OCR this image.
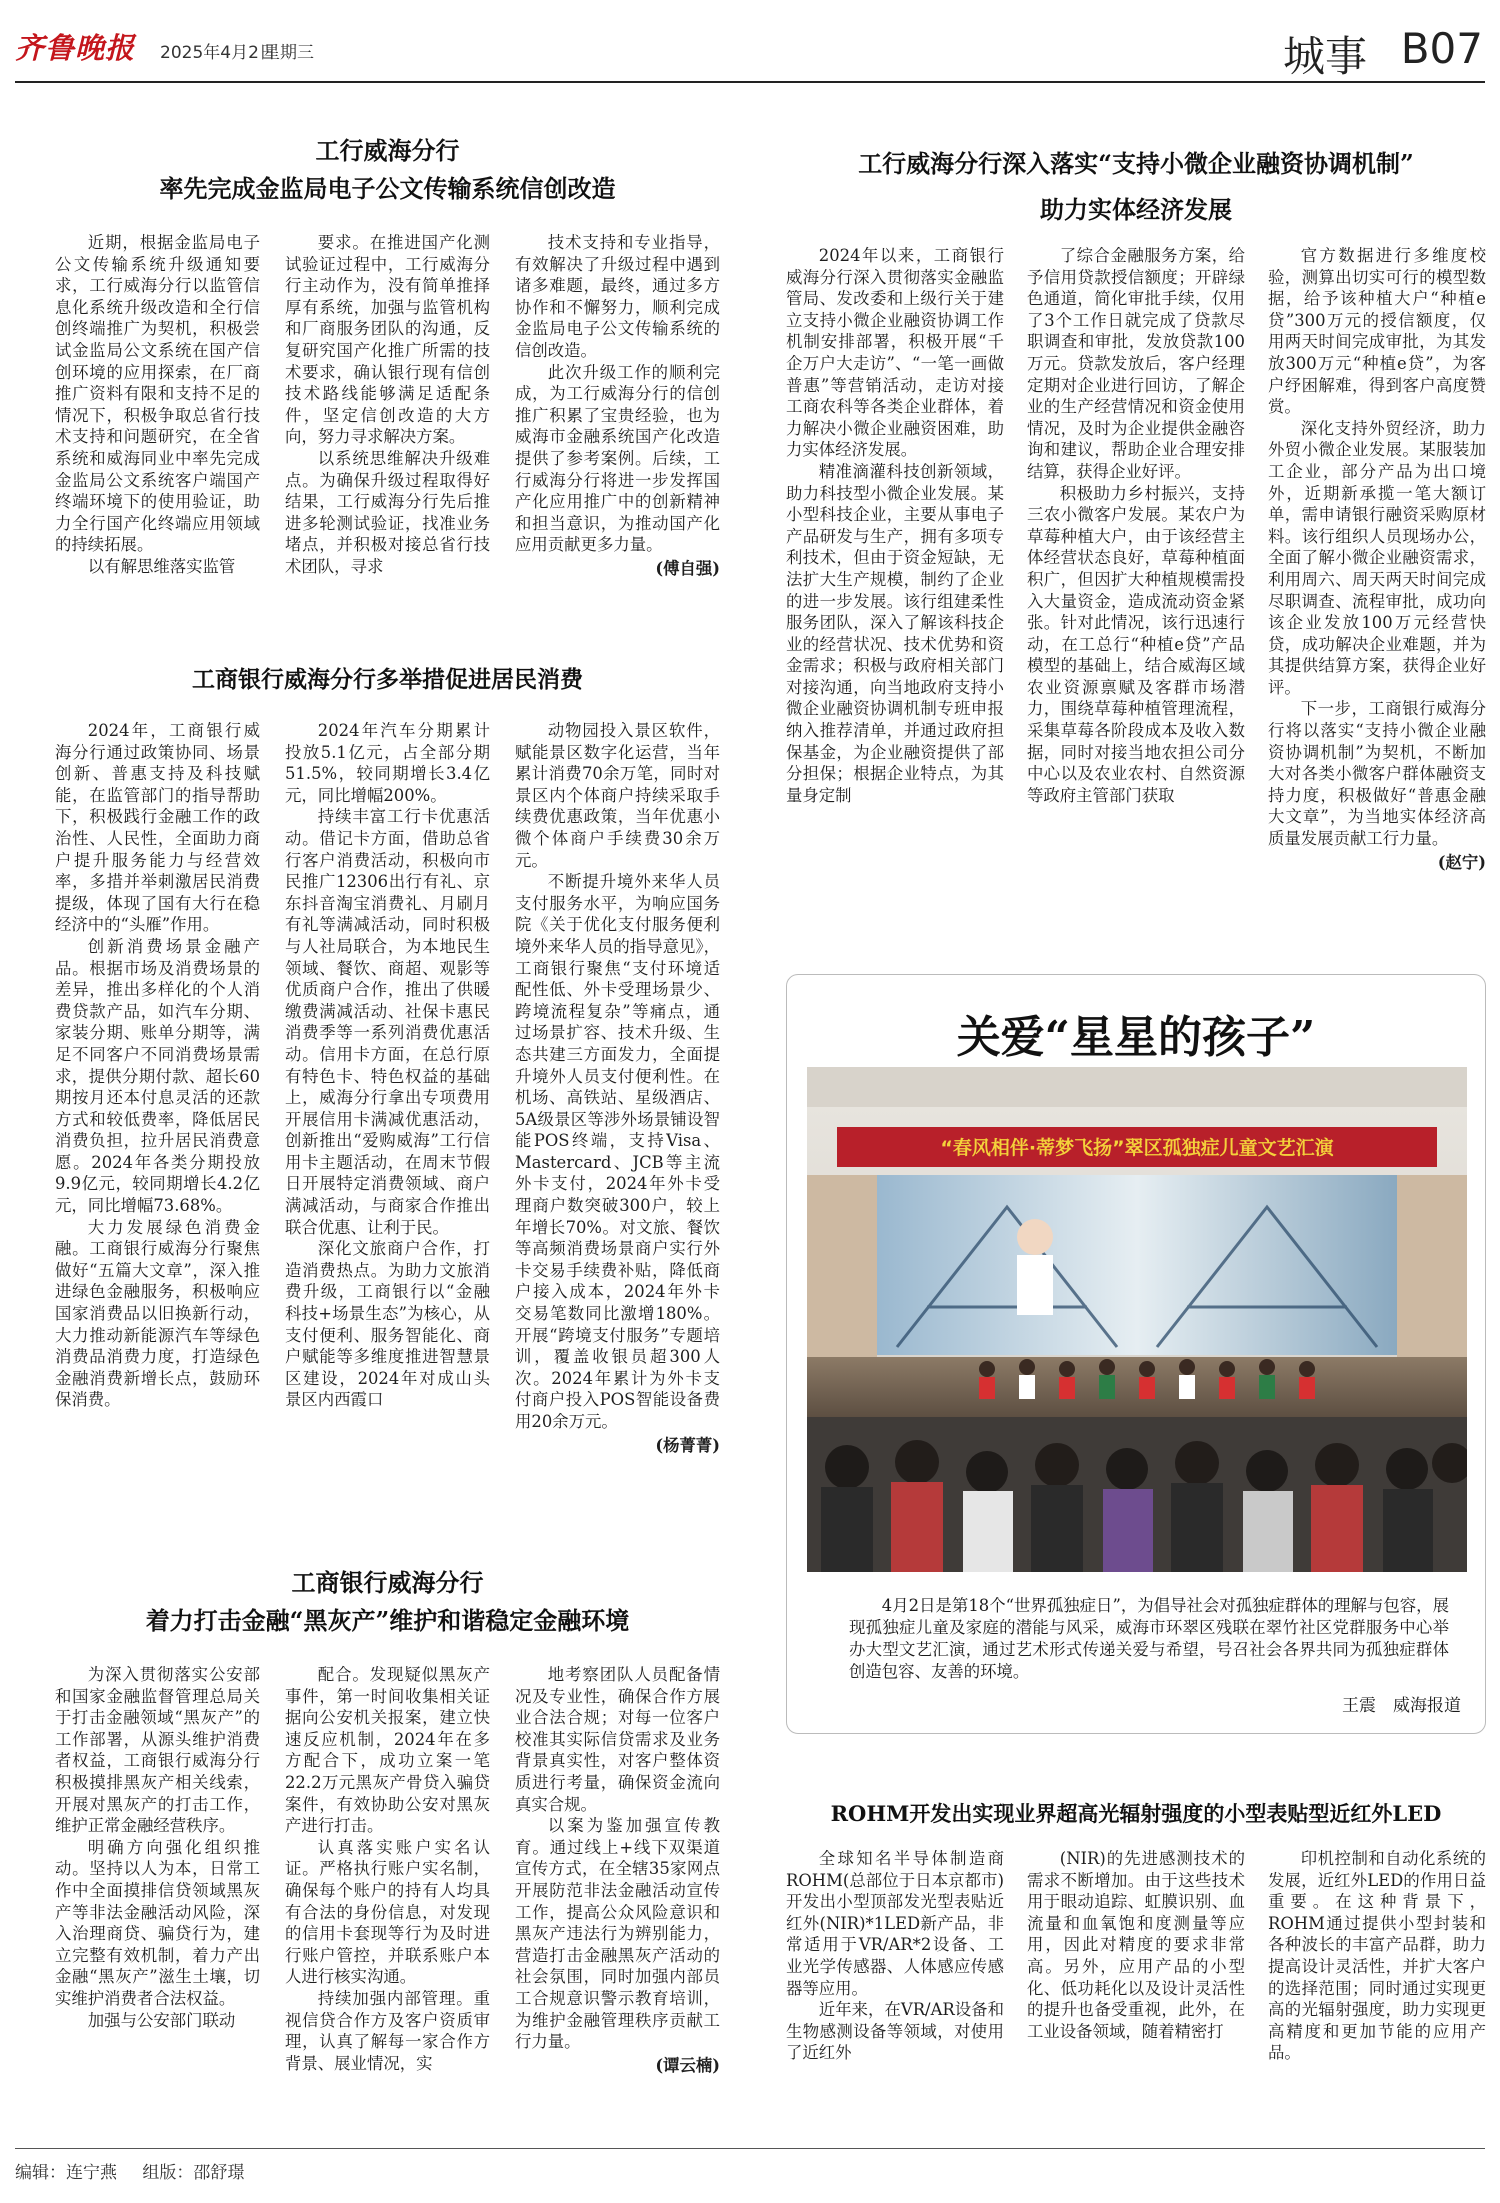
齐鲁晚报 2025年4月2日
星期三	城事 B07
工行威海分行
率先完成金监局电子公文传输系统信创改造

近期，根据金监局电子公文传输系统升级通知要求，工行威海分行以监管信息化系统升级改造和全行信创终端推广为契机，积极尝试金监局公文系统在国产信创环境的应用探索，在厂商推广资料有限和支持不足的情况下，积极争取总省行技术支持和问题研究，在全省系统和威海同业中率先完成金监局公文系统客户端国产终端环境下的使用验证，助力全行国产化终端应用领域的持续拓展。

以有解思维落实监管

要求。在推进国产化测试验证过程中，工行威海分行主动作为，没有简单推择厚有系统，加强与监管机构和厂商服务团队的沟通，反复研究国产化推广所需的技术要求，确认银行现有信创技术路线能够满足适配条件，坚定信创改造的大方向，努力寻求解决方案。

以系统思维解决升级难点。为确保升级过程取得好结果，工行威海分行先后推进多轮测试验证，找准业务堵点，并积极对接总省行技术团队，寻求

技术支持和专业指导，有效解决了升级过程中遇到诸多难题，最终，通过多方协作和不懈努力，顺利完成金监局电子公文传输系统的信创改造。

此次升级工作的顺利完成，为工行威海分行的信创推广积累了宝贵经验，也为威海市金融系统国产化改造提供了参考案例。后续，工行威海分行将进一步发挥国产化应用推广中的创新精神和担当意识，为推动国产化应用贡献更多力量。

(傅自强)
工商银行威海分行多举措促进居民消费

2024年，工商银行威海分行通过政策协同、场景创新、普惠支持及科技赋能，在监管部门的指导帮助下，积极践行金融工作的政治性、人民性，全面助力商户提升服务能力与经营效率，多措并举刺激居民消费提级，体现了国有大行在稳经济中的“头雁”作用。

创新消费场景金融产品。根据市场及消费场景的差异，推出多样化的个人消费贷款产品，如汽车分期、家装分期、账单分期等，满足不同客户不同消费场景需求，提供分期付款、超长60期按月还本付息灵活的还款方式和较低费率，降低居民消费负担，拉升居民消费意愿。2024年各类分期投放9.9亿元，较同期增长4.2亿元，同比增幅73.68%。

大力发展绿色消费金融。工商银行威海分行聚焦做好“五篇大文章”，深入推进绿色金融服务，积极响应国家消费品以旧换新行动，大力推动新能源汽车等绿色消费品消费力度，打造绿色金融消费新增长点，鼓励环保消费。

2024年汽车分期累计投放5.1亿元，占全部分期51.5%，较同期增长3.4亿元，同比增幅200%。

持续丰富工行卡优惠活动。借记卡方面，借助总省行客户消费活动，积极向市民推广12306出行有礼、京东抖音淘宝消费礼、月刷月有礼等满减活动，同时积极与人社局联合，为本地民生领域、餐饮、商超、观影等优质商户合作，推出了供暖缴费满减活动、社保卡惠民消费季等一系列消费优惠活动。信用卡方面，在总行原有特色卡、特色权益的基础上，威海分行拿出专项费用开展信用卡满减优惠活动，创新推出“爱购威海”工行信用卡主题活动，在周末节假日开展特定消费领域、商户满减活动，与商家合作推出联合优惠、让利于民。

深化文旅商户合作，打造消费热点。为助力文旅消费升级，工商银行以“金融科技+场景生态”为核心，从支付便利、服务智能化、商户赋能等多维度推进智慧景区建设，2024年对成山头景区内西霞口

动物园投入景区软件，赋能景区数字化运营，当年累计消费70余万笔，同时对景区内个体商户持续采取手续费优惠政策，当年优惠小微个体商户手续费30余万元。

不断提升境外来华人员支付服务水平，为响应国务院《关于优化支付服务便利境外来华人员的指导意见》，工商银行聚焦“支付环境适配性低、外卡受理场景少、跨境流程复杂”等痛点，通过场景扩容、技术升级、生态共建三方面发力，全面提升境外人员支付便利性。在机场、高铁站、星级酒店、5A级景区等涉外场景铺设智能POS终端，支持Visa、Mastercard、JCB等主流外卡支付，2024年外卡受理商户数突破300户，较上年增长70%。对文旅、餐饮等高频消费场景商户实行外卡交易手续费补贴，降低商户接入成本，2024年外卡交易笔数同比激增180%。开展“跨境支付服务”专题培训，覆盖收银员超300人次。2024年累计为外卡支付商户投入POS智能设备费用20余万元。

(杨菁菁)
工商银行威海分行
着力打击金融“黑灰产”维护和谐稳定金融环境

为深入贯彻落实公安部和国家金融监督管理总局关于打击金融领域“黑灰产”的工作部署，从源头维护消费者权益，工商银行威海分行积极摸排黑灰产相关线索，开展对黑灰产的打击工作，维护正常金融经营秩序。

明确方向强化组织推动。坚持以人为本，日常工作中全面摸排信贷领域黑灰产等非法金融活动风险，深入治理商贷、骗贷行为，建立完整有效机制，着力产出金融“黑灰产”滋生土壤，切实维护消费者合法权益。

加强与公安部门联动

配合。发现疑似黑灰产事件，第一时间收集相关证据向公安机关报案，建立快速反应机制，2024年在多方配合下，成功立案一笔22.2万元黑灰产骨贷入骗贷案件，有效协助公安对黑灰产进行打击。

认真落实账户实名认证。严格执行账户实名制，确保每个账户的持有人均具有合法的身份信息，对发现的信用卡套现等行为及时进行账户管控，并联系账户本人进行核实沟通。

持续加强内部管理。重视信贷合作方及客户资质审理，认真了解每一家合作方背景、展业情况，实

地考察团队人员配备情况及专业性，确保合作方展业合法合规；对每一位客户校准其实际信贷需求及业务背景真实性，对客户整体资质进行考量，确保资金流向真实合规。

以案为鉴加强宣传教育。通过线上+线下双渠道宣传方式，在全辖35家网点开展防范非法金融活动宣传工作，提高公众风险意识和黑灰产违法行为辨别能力，营造打击金融黑灰产活动的社会氛围，同时加强内部员工合规意识警示教育培训，为维护金融管理秩序贡献工行力量。

(谭云楠)
工行威海分行深入落实“支持小微企业融资协调机制”
助力实体经济发展

2024年以来，工商银行威海分行深入贯彻落实金融监管局、发改委和上级行关于建立支持小微企业融资协调工作机制安排部署，积极开展“千企万户大走访”、“一笔一画做普惠”等营销活动，走访对接工商农科等各类企业群体，着力解决小微企业融资困难，助力实体经济发展。

精准滴灌科技创新领域，助力科技型小微企业发展。某小型科技企业，主要从事电子产品研发与生产，拥有多项专利技术，但由于资金短缺，无法扩大生产规模，制约了企业的进一步发展。该行组建柔性服务团队，深入了解该科技企业的经营状况、技术优势和资金需求；积极与政府相关部门对接沟通，向当地政府支持小微企业融资协调机制专班申报纳入推荐清单，并通过政府担保基金，为企业融资提供了部分担保；根据企业特点，为其量身定制

了综合金融服务方案，给予信用贷款授信额度；开辟绿色通道，简化审批手续，仅用了3个工作日就完成了贷款尽职调查和审批，发放贷款100万元。贷款发放后，客户经理定期对企业进行回访，了解企业的生产经营情况和资金使用情况，及时为企业提供金融咨询和建议，帮助企业合理安排结算，获得企业好评。

积极助力乡村振兴，支持三农小微客户发展。某农户为草莓种植大户，由于该经营主体经营状态良好，草莓种植面积广，但因扩大种植规模需投入大量资金，造成流动资金紧张。针对此情况，该行迅速行动，在工总行“种植e贷”产品模型的基础上，结合威海区域农业资源禀赋及客群市场潜力，围绕草莓种植管理流程，采集草莓各阶段成本及收入数据，同时对接当地农担公司分中心以及农业农村、自然资源等政府主管部门获取

官方数据进行多维度校验，测算出切实可行的模型数据，给予该种植大户“种植e贷”300万元的授信额度，仅用两天时间完成审批，为其发放300万元“种植e贷”，为客户纾困解难，得到客户高度赞赏。

深化支持外贸经济，助力外贸小微企业发展。某服装加工企业，部分产品为出口境外，近期新承揽一笔大额订单，需申请银行融资采购原材料。该行组织人员现场办公，全面了解小微企业融资需求，利用周六、周天两天时间完成尽职调查、流程审批，成功向该企业发放100万元经营快贷，成功解决企业难题，并为其提供结算方案，获得企业好评。

下一步，工商银行威海分行将以落实“支持小微企业融资协调机制”为契机，不断加大对各类小微客户群体融资支持力度，积极做好“普惠金融大文章”，为当地实体经济高质量发展贡献工行力量。

(赵宁)
关爱“星星的孩子”
“春风相伴·蒂梦飞扬”翠区孤独症儿童文艺汇演
4月2日是第18个“世界孤独症日”，为倡导社会对孤独症群体的理解与包容，展现孤独症儿童及家庭的潜能与风采，威海市环翠区残联在翠竹社区党群服务中心举办大型文艺汇演，通过艺术形式传递关爱与希望，号召社会各界共同为孤独症群体创造包容、友善的环境。
王震　威海报道
ROHM开发出实现业界超高光辐射强度的小型表贴型近红外LED

全球知名半导体制造商ROHM(总部位于日本京都市)开发出小型顶部发光型表贴近红外(NIR)*1LED新产品，非常适用于VR/AR*2设备、工业光学传感器、人体感应传感器等应用。

近年来，在VR/AR设备和生物感测设备等领域，对使用了近红外

(NIR)的先进感测技术的需求不断增加。由于这些技术用于眼动追踪、虹膜识别、血流量和血氧饱和度测量等应用，因此对精度的要求非常高。另外，应用产品的小型化、低功耗化以及设计灵活性的提升也备受重视，此外，在工业设备领域，随着精密打

印机控制和自动化系统的发展，近红外LED的作用日益重要。在这种背景下，ROHM通过提供小型封装和各种波长的丰富产品群，助力提高设计灵活性，并扩大客户的选择范围；同时通过实现更高的光辐射强度，助力实现更高精度和更加节能的应用产品。

编辑：连宁燕 组版：邵舒璟
